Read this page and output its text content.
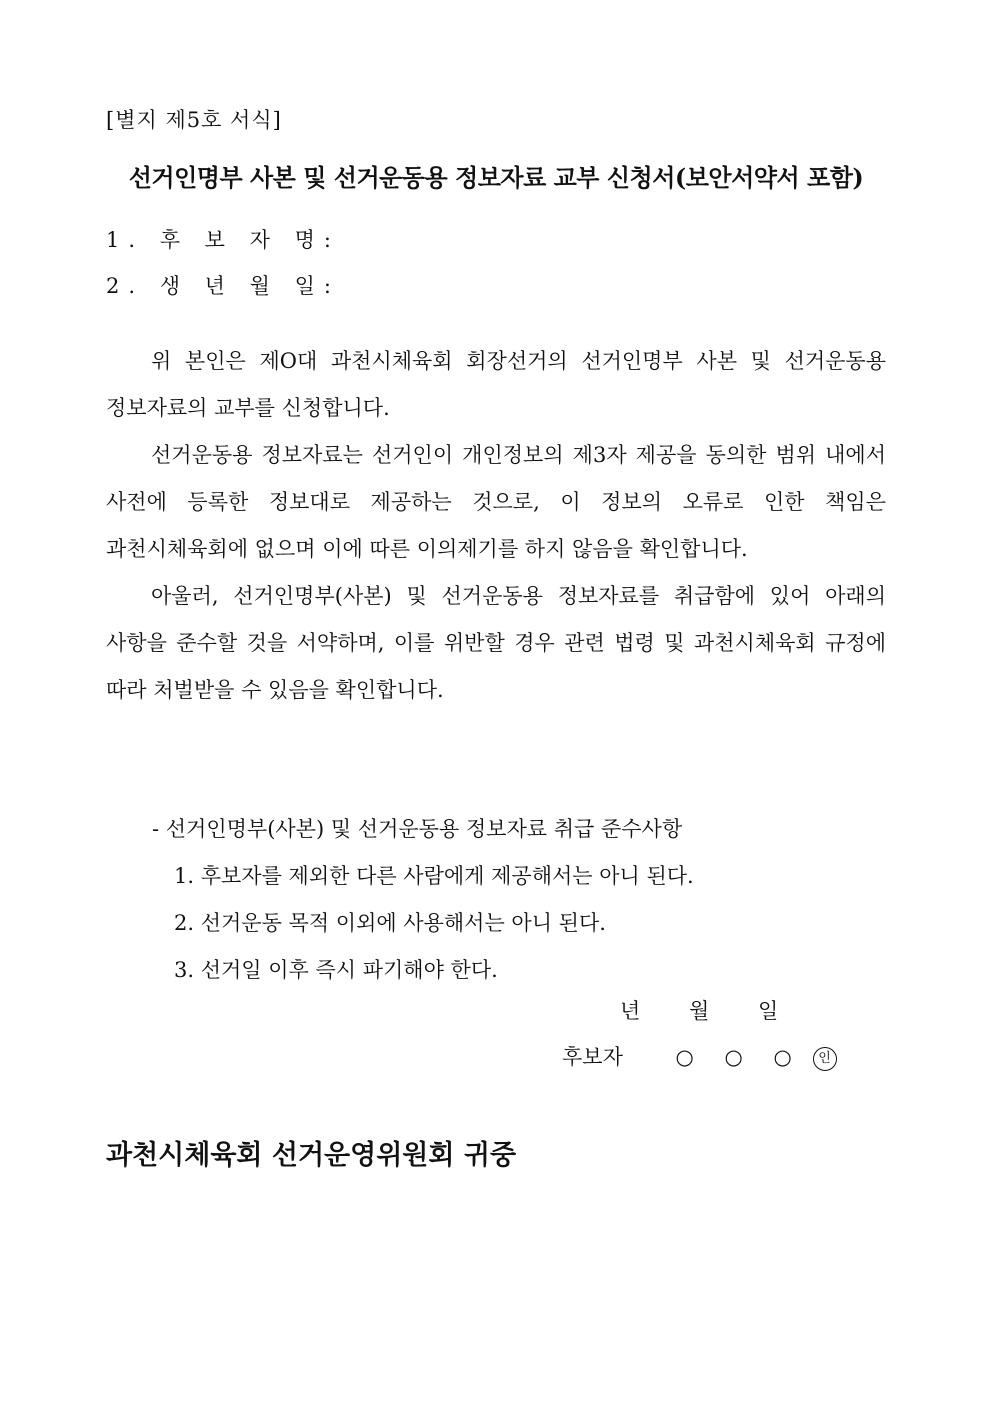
[별지 제5호 서식]
선거인명부 사본 및 선거운동용 정보자료 교부 신청서(보안서약서 포함)
1. 후 보 자 명:
2. 생 년 월 일:

위 본인은 제O대 과천시체육회 회장선거의 선거인명부 사본 및 선거운동용 정보자료의 교부를 신청합니다.

선거운동용 정보자료는 선거인이 개인정보의 제3자 제공을 동의한 범위 내에서 사전에 등록한 정보대로 제공하는 것으로, 이 정보의 오류로 인한 책임은 과천시체육회에 없으며 이에 따른 이의제기를 하지 않음을 확인합니다.

아울러, 선거인명부(사본) 및 선거운동용 정보자료를 취급함에 있어 아래의 사항을 준수할 것을 서약하며, 이를 위반할 경우 관련 법령 및 과천시체육회 규정에 따라 처벌받을 수 있음을 확인합니다.

- 선거인명부(사본) 및 선거운동용 정보자료 취급 준수사항
1. 후보자를 제외한 다른 사람에게 제공해서는 아니 된다.
2. 선거운동 목적 이외에 사용해서는 아니 된다.
3. 선거일 이후 즉시 파기해야 한다.
년 월 일
후보자	○ ○ ○ 인
과천시체육회 선거운영위원회 귀중
